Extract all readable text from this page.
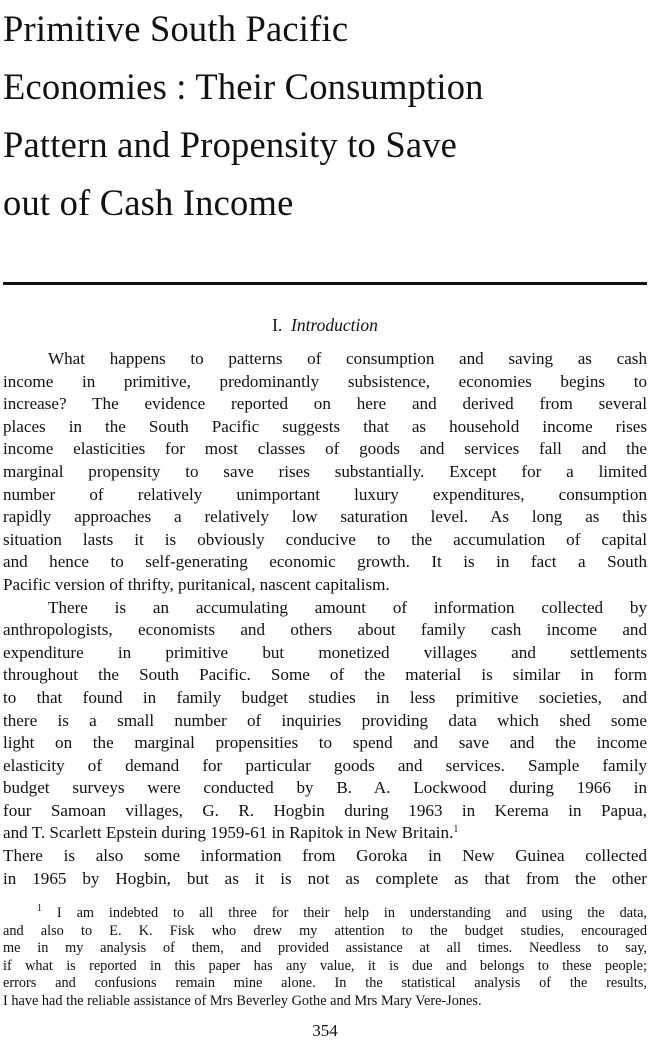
Primitive South Pacific
Economies : Their Consumption
Pattern and Propensity to Save
out of Cash Income
I. Introduction
What happens to patterns of consumption and saving as cash
income in primitive, predominantly subsistence, economies begins to
increase? The evidence reported on here and derived from several
places in the South Pacific suggests that as household income rises
income elasticities for most classes of goods and services fall and the
marginal propensity to save rises substantially. Except for a limited
number of relatively unimportant luxury expenditures, consumption
rapidly approaches a relatively low saturation level. As long as this
situation lasts it is obviously conducive to the accumulation of capital
and hence to self-generating economic growth. It is in fact a South
Pacific version of thrifty, puritanical, nascent capitalism.
There is an accumulating amount of information collected by
anthropologists, economists and others about family cash income and
expenditure in primitive but monetized villages and settlements
throughout the South Pacific. Some of the material is similar in form
to that found in family budget studies in less primitive societies, and
there is a small number of inquiries providing data which shed some
light on the marginal propensities to spend and save and the income
elasticity of demand for particular goods and services. Sample family
budget surveys were conducted by B. A. Lockwood during 1966 in
four Samoan villages, G. R. Hogbin during 1963 in Kerema in Papua,
and T. Scarlett Epstein during 1959-61 in Rapitok in New Britain.$^1$
There is also some information from Goroka in New Guinea collected
in 1965 by Hogbin, but as it is not as complete as that from the other
$^1$ I am indebted to all three for their help in understanding and using the data,
and also to E. K. Fisk who drew my attention to the budget studies, encouraged
me in my analysis of them, and provided assistance at all times. Needless to say,
if what is reported in this paper has any value, it is due and belongs to these people;
errors and confusions remain mine alone. In the statistical analysis of the results,
I have had the reliable assistance of Mrs Beverley Gothe and Mrs Mary Vere-Jones.
354
